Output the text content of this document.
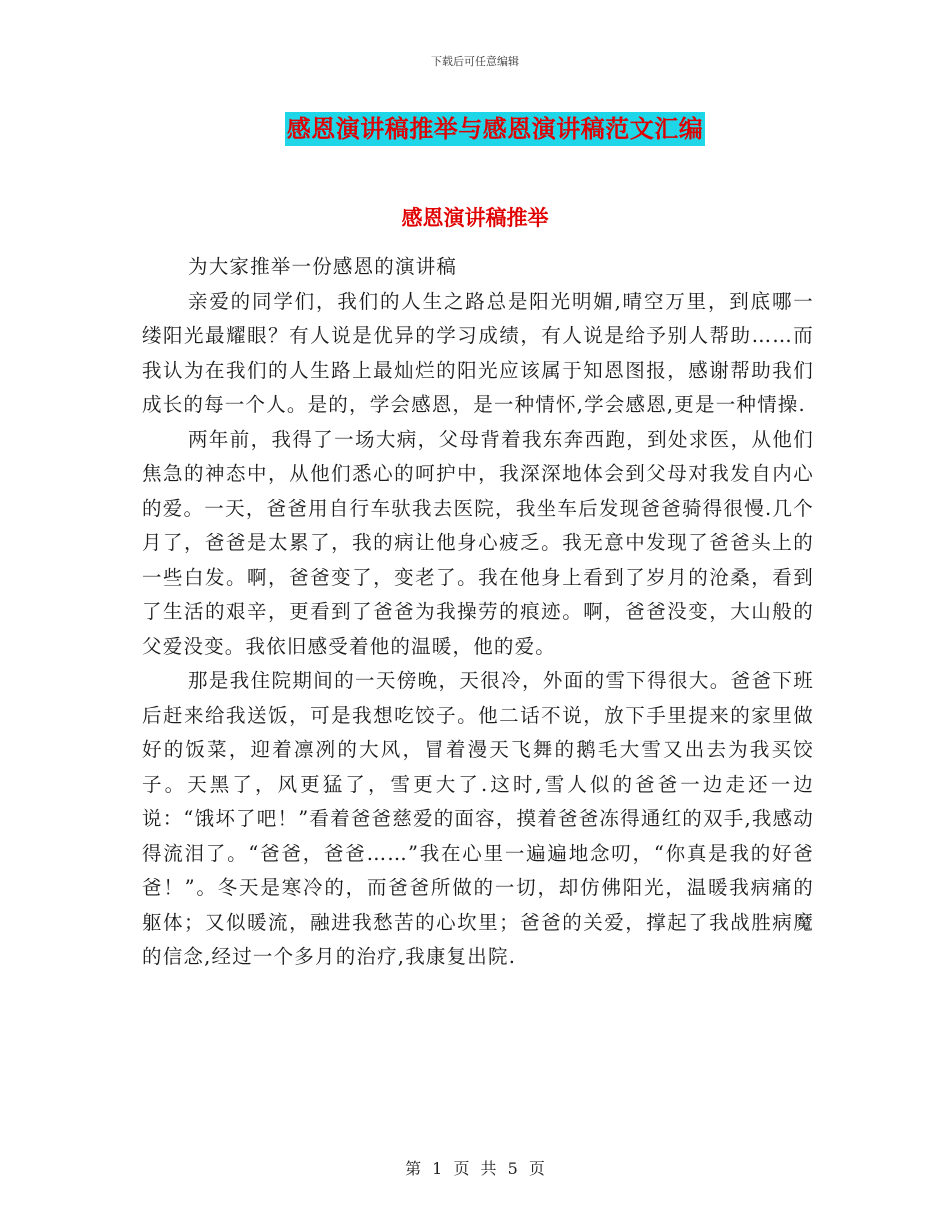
下载后可任意编辑
感恩演讲稿推举与感恩演讲稿范文汇编
感恩演讲稿推举

为大家推举一份感恩的演讲稿

亲爱的同学们，我们的人生之路总是阳光明媚,晴空万里，到底哪一缕阳光最耀眼？有人说是优异的学习成绩，有人说是给予别人帮助……而我认为在我们的人生路上最灿烂的阳光应该属于知恩图报，感谢帮助我们成长的每一个人。是的，学会感恩，是一种情怀,学会感恩,更是一种情操.

两年前，我得了一场大病，父母背着我东奔西跑，到处求医，从他们焦急的神态中，从他们悉心的呵护中，我深深地体会到父母对我发自内心的爱。一天，爸爸用自行车驮我去医院，我坐车后发现爸爸骑得很慢.几个月了，爸爸是太累了，我的病让他身心疲乏。我无意中发现了爸爸头上的一些白发。啊，爸爸变了，变老了。我在他身上看到了岁月的沧桑，看到了生活的艰辛，更看到了爸爸为我操劳的痕迹。啊，爸爸没变，大山般的父爱没变。我依旧感受着他的温暖，他的爱。

那是我住院期间的一天傍晚，天很冷，外面的雪下得很大。爸爸下班后赶来给我送饭，可是我想吃饺子。他二话不说，放下手里提来的家里做好的饭菜，迎着凛冽的大风，冒着漫天飞舞的鹅毛大雪又出去为我买饺子。天黑了，风更猛了，雪更大了.这时,雪人似的爸爸一边走还一边说：“饿坏了吧！”看着爸爸慈爱的面容，摸着爸爸冻得通红的双手,我感动得流泪了。“爸爸，爸爸……”我在心里一遍遍地念叨，“你真是我的好爸爸！”。冬天是寒冷的，而爸爸所做的一切，却仿佛阳光，温暖我病痛的躯体；又似暖流，融进我愁苦的心坎里；爸爸的关爱，撑起了我战胜病魔的信念,经过一个多月的治疗,我康复出院.

第 1 页 共 5 页
